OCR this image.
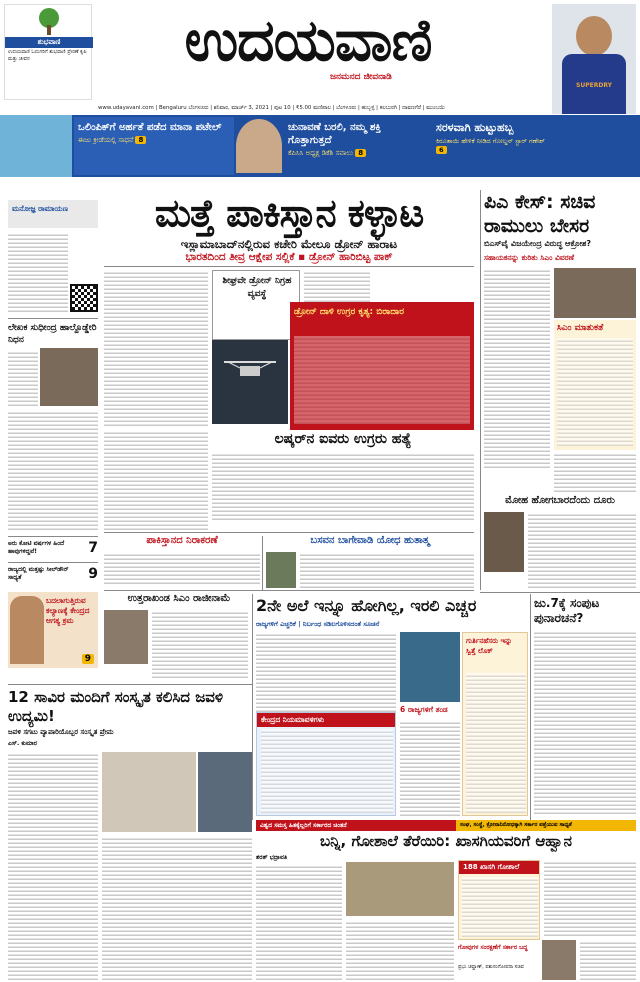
ಶುಭವಾಣಿ
ಉದಯವಾಣಿ ಓದುಗರಿಗೆ ಶುಭವಾಣಿ ಪ್ರೇರಣೆ ಕೃಷಿ ಮತ್ತು ಜೀವನ	ಉದಯವಾಣಿ
ಜನಮನದ ಜೀವನಾಡಿ
SUPERDRY
www.udayavani.com | Bengaluru ಬೆಂಗಳೂರು | ಶನಿವಾರ, ಮಾರ್ಚ್ 3, 2021 | ಪುಟ 10 | ₹5.00 ಮಣಿಪಾಲ | ಬೆಂಗಳೂರು | ಹುಬ್ಬಳ್ಳಿ | ಕಲಬುರಗಿ | ದಾವಣಗೆರೆ | ಮುಂಬಯಿ
ಒಲಿಂಪಿಕ್‌ಗೆ ಅರ್ಹತೆ ಪಡೆದ ಮಾನಾ ಪಟೇಲ್
ಈಜು ಕ್ರೀಡೆಯಲ್ಲಿ ಸಾಧನೆ 8
ಚುನಾವಣೆ ಬರಲಿ, ನಮ್ಮ ಶಕ್ತಿ ಗೊತ್ತಾಗುತ್ತದೆ
ಕೆಪಿಸಿಸಿ ಅಧ್ಯಕ್ಷ ಡಿಕೆಶಿ ಸವಾಲು 8
ಸರಳವಾಗಿ ಹುಟ್ಟುಹಬ್ಬ
ಕಿರೂತಾಯಿ ಹೇಳಿಕೆ ನೀಡಿದ ಗೋಲ್ಡನ್ ಸ್ಟಾರ್ ಗಣೇಶ್ 6
ಮನೋಜ್ಞ ರಾಮಾಯಣ
ಲೇಖಕ ಸುಧೀಂದ್ರ ಹಾಲ್ದೊಡ್ಡೇರಿ ನಿಧನ
ಅರು ಕೋಟಿ ವರ್ಷಗಳ ಹಿಂದೆ ಹಾವುಗಳಿದ್ದವೆ!	7
ರಾಜ್ಯದಲ್ಲಿ ಮತ್ತಷ್ಟು ಸೀಲ್‌ಡೌನ್ ಸಾಧ್ಯತೆ	9
ಬದಲಾಗುತ್ತಿರುವ ಕಲ್ಯಾಣಕ್ಕೆ ಕೇಂದ್ರದ ಆಗತ್ಯ ಕ್ರಮ
9
ಮತ್ತೆ ಪಾಕಿಸ್ತಾನ ಕಳ್ಳಾಟ
ಇಸ್ಲಾಮಾಬಾದ್‌ನಲ್ಲಿರುವ ಕಚೇರಿ ಮೇಲೂ ಡ್ರೋನ್ ಹಾರಾಟ
ಭಾರತದಿಂದ ತೀವ್ರ ಆಕ್ಷೇಪ ಸಲ್ಲಿಕೆ ▪ ಡ್ರೋನ್ ಹಾರಿಬಿಟ್ಟ ಪಾಕ್
ಶೀಘ್ರವೇ ಡ್ರೋನ್ ನಿಗ್ರಹ ವ್ಯವಸ್ಥೆ
ಡ್ರೋನ್ ದಾಳಿ ಉಗ್ರರ ಕೃತ್ಯ: ಬಿರಾದಾರ
ಲಷ್ಕರ್‌ನ ಐವರು ಉಗ್ರರು ಹತ್ಯೆ
ಪಾಕಿಸ್ತಾನದ ನಿರಾಕರಣೆ	ಬಸವನ ಬಾಗೇವಾಡಿ ಯೋಧ ಹುತಾತ್ಮ
ಉತ್ತರಾಖಂಡ ಸಿಎಂ ರಾಜೀನಾಮೆ	2ನೇ ಅಲೆ ಇನ್ನೂ ಹೋಗಿಲ್ಲ, ಇರಲಿ ಎಚ್ಚರ
ರಾಜ್ಯಗಳಿಗೆ ಎಚ್ಚರಿಕೆ | ನಿರ್ಬಂಧ ಸಡಿಲಗೊಳಿಸದಂತೆ ಸೂಚನೆ
ಕೇಂದ್ರದ ನಿಯಮಾವಳಿಗಳು
6 ರಾಜ್ಯಗಳಿಗೆ ತಂಡ
ಗುರ್ತಿನಹೆಸರು ಇನ್ನು ಸ್ವಿತ್ತೆ ಲೊಕ್
ಪಿಎ ಕೇಸ್: ಸಚಿವ ರಾಮುಲು ಬೇಸರ
ಬಿಎಸ್‌ವೈ ವಿಜಯೇಂದ್ರ ವಿರುದ್ಧ ಆಕ್ರೋಶ?
ಸಹಾಯಕನನ್ನು ಕುರಿತು ಸಿಎಂ ವಿವರಣೆ
ಸಿಎಂ ಮಾತುಕತೆ
ಮೋಹ ಹೋಗಬಾರದೆಂದು ದೂರು
ಜು.7ಕ್ಕೆ ಸಂಪುಟ ಪುನಾರಚನೆ?
12 ಸಾವಿರ ಮಂದಿಗೆ ಸಂಸ್ಕೃತ ಕಲಿಸಿದ ಜವಳಿ ಉದ್ಯಮಿ!
ಜವಳಿ ಸಗಟು ವ್ಯಾಪಾರಿಯೊಬ್ಬರ ಸಂಸ್ಕೃತ ಪ್ರೇಮ
ಎಸ್. ಕುಮಾರ
ವಿಶ್ವದ ಸಮಸ್ತ ಹಿತಕ್ಕೆಲ್ಲರಿಗೆ ಸರ್ಕಾರದ ಚಿಂತನೆ	ಸಂಘ, ಸಂಸ್ಥೆ, ಕ್ರೋನಾನಿರೋಧಕ್ಕಾಗಿ ಸರ್ಕಾರ ಪತ್ತೆಯುವ ಸಾಧ್ಯತೆ
ಬನ್ನಿ, ಗೋಶಾಲೆ ತೆರೆಯಿರಿ: ಖಾಸಗಿಯವರಿಗೆ ಆಹ್ವಾನ
ಶರತ್ ಭದ್ರಾವತಿ
188 ಖಾಸಗಿ ಗೋಶಾಲೆ
ಗೋವುಗಳ ಸಂರಕ್ಷಣೆಗೆ ಸರ್ಕಾರ ಬದ್ಧ
ಪ್ರಭು ಚವ್ಹಾಣ್, ಪಶುಸಂಗೋಪನಾ ಸಚಿವ
